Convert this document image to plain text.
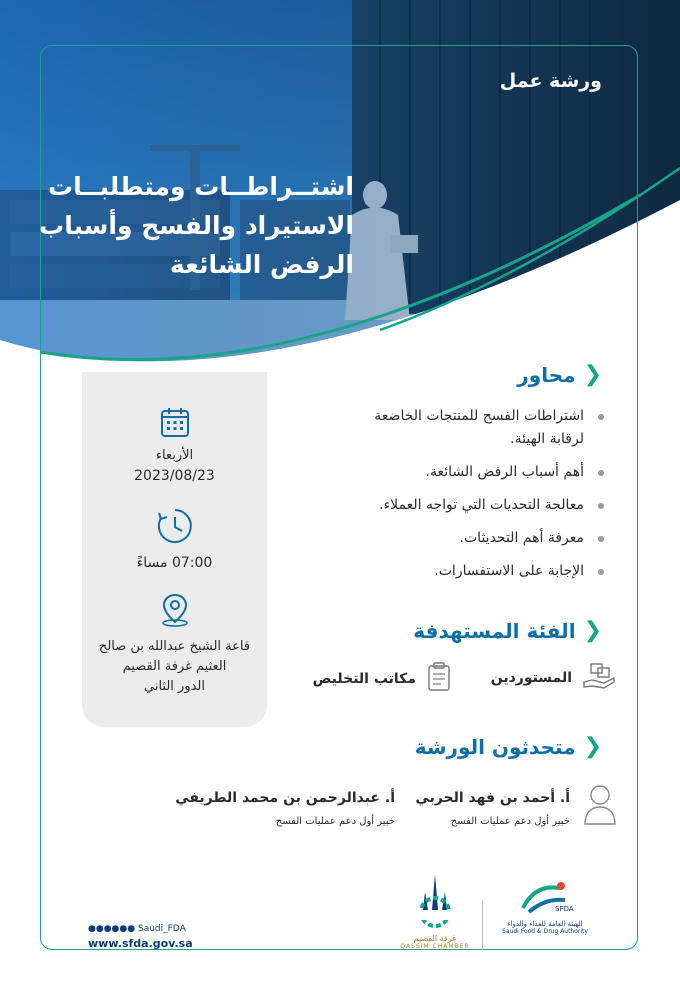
ورشة عمل
اشتــراطــات ومتطلبــات
الاستيراد والفسح وأسباب
الرفض الشائعة
الأربعاء
2023/08/23
07:00 مساءً
قاعة الشيخ عبدالله بن صالح
العثيم غرفة القصيم
الدور الثاني
❮
محاور
اشتراطات الفسح للمنتجات الخاضعة لرقابة الهيئة.
أهم أسباب الرفض الشائعة.
معالجة التحديات التي تواجه العملاء.
معرفة أهم التحديثات.
الإجابة على الاستفسارات.
❮
الفئة المستهدفة
المستوردين
مكاتب التخليص
❮
متحدثون الورشة
أ. أحمد بن فهد الحربي
خبير أول دعم عمليات الفسح
أ. عبدالرحمن بن محمد الطريفي
خبير أول دعم عمليات الفسح
●●●●●● Saudi_FDA
www.sfda.gov.sa	غرفة القصيم
QASSIM CHAMBER
SFDA
الهيئة العامة للغذاء والدواء
Saudi Food & Drug Authority
